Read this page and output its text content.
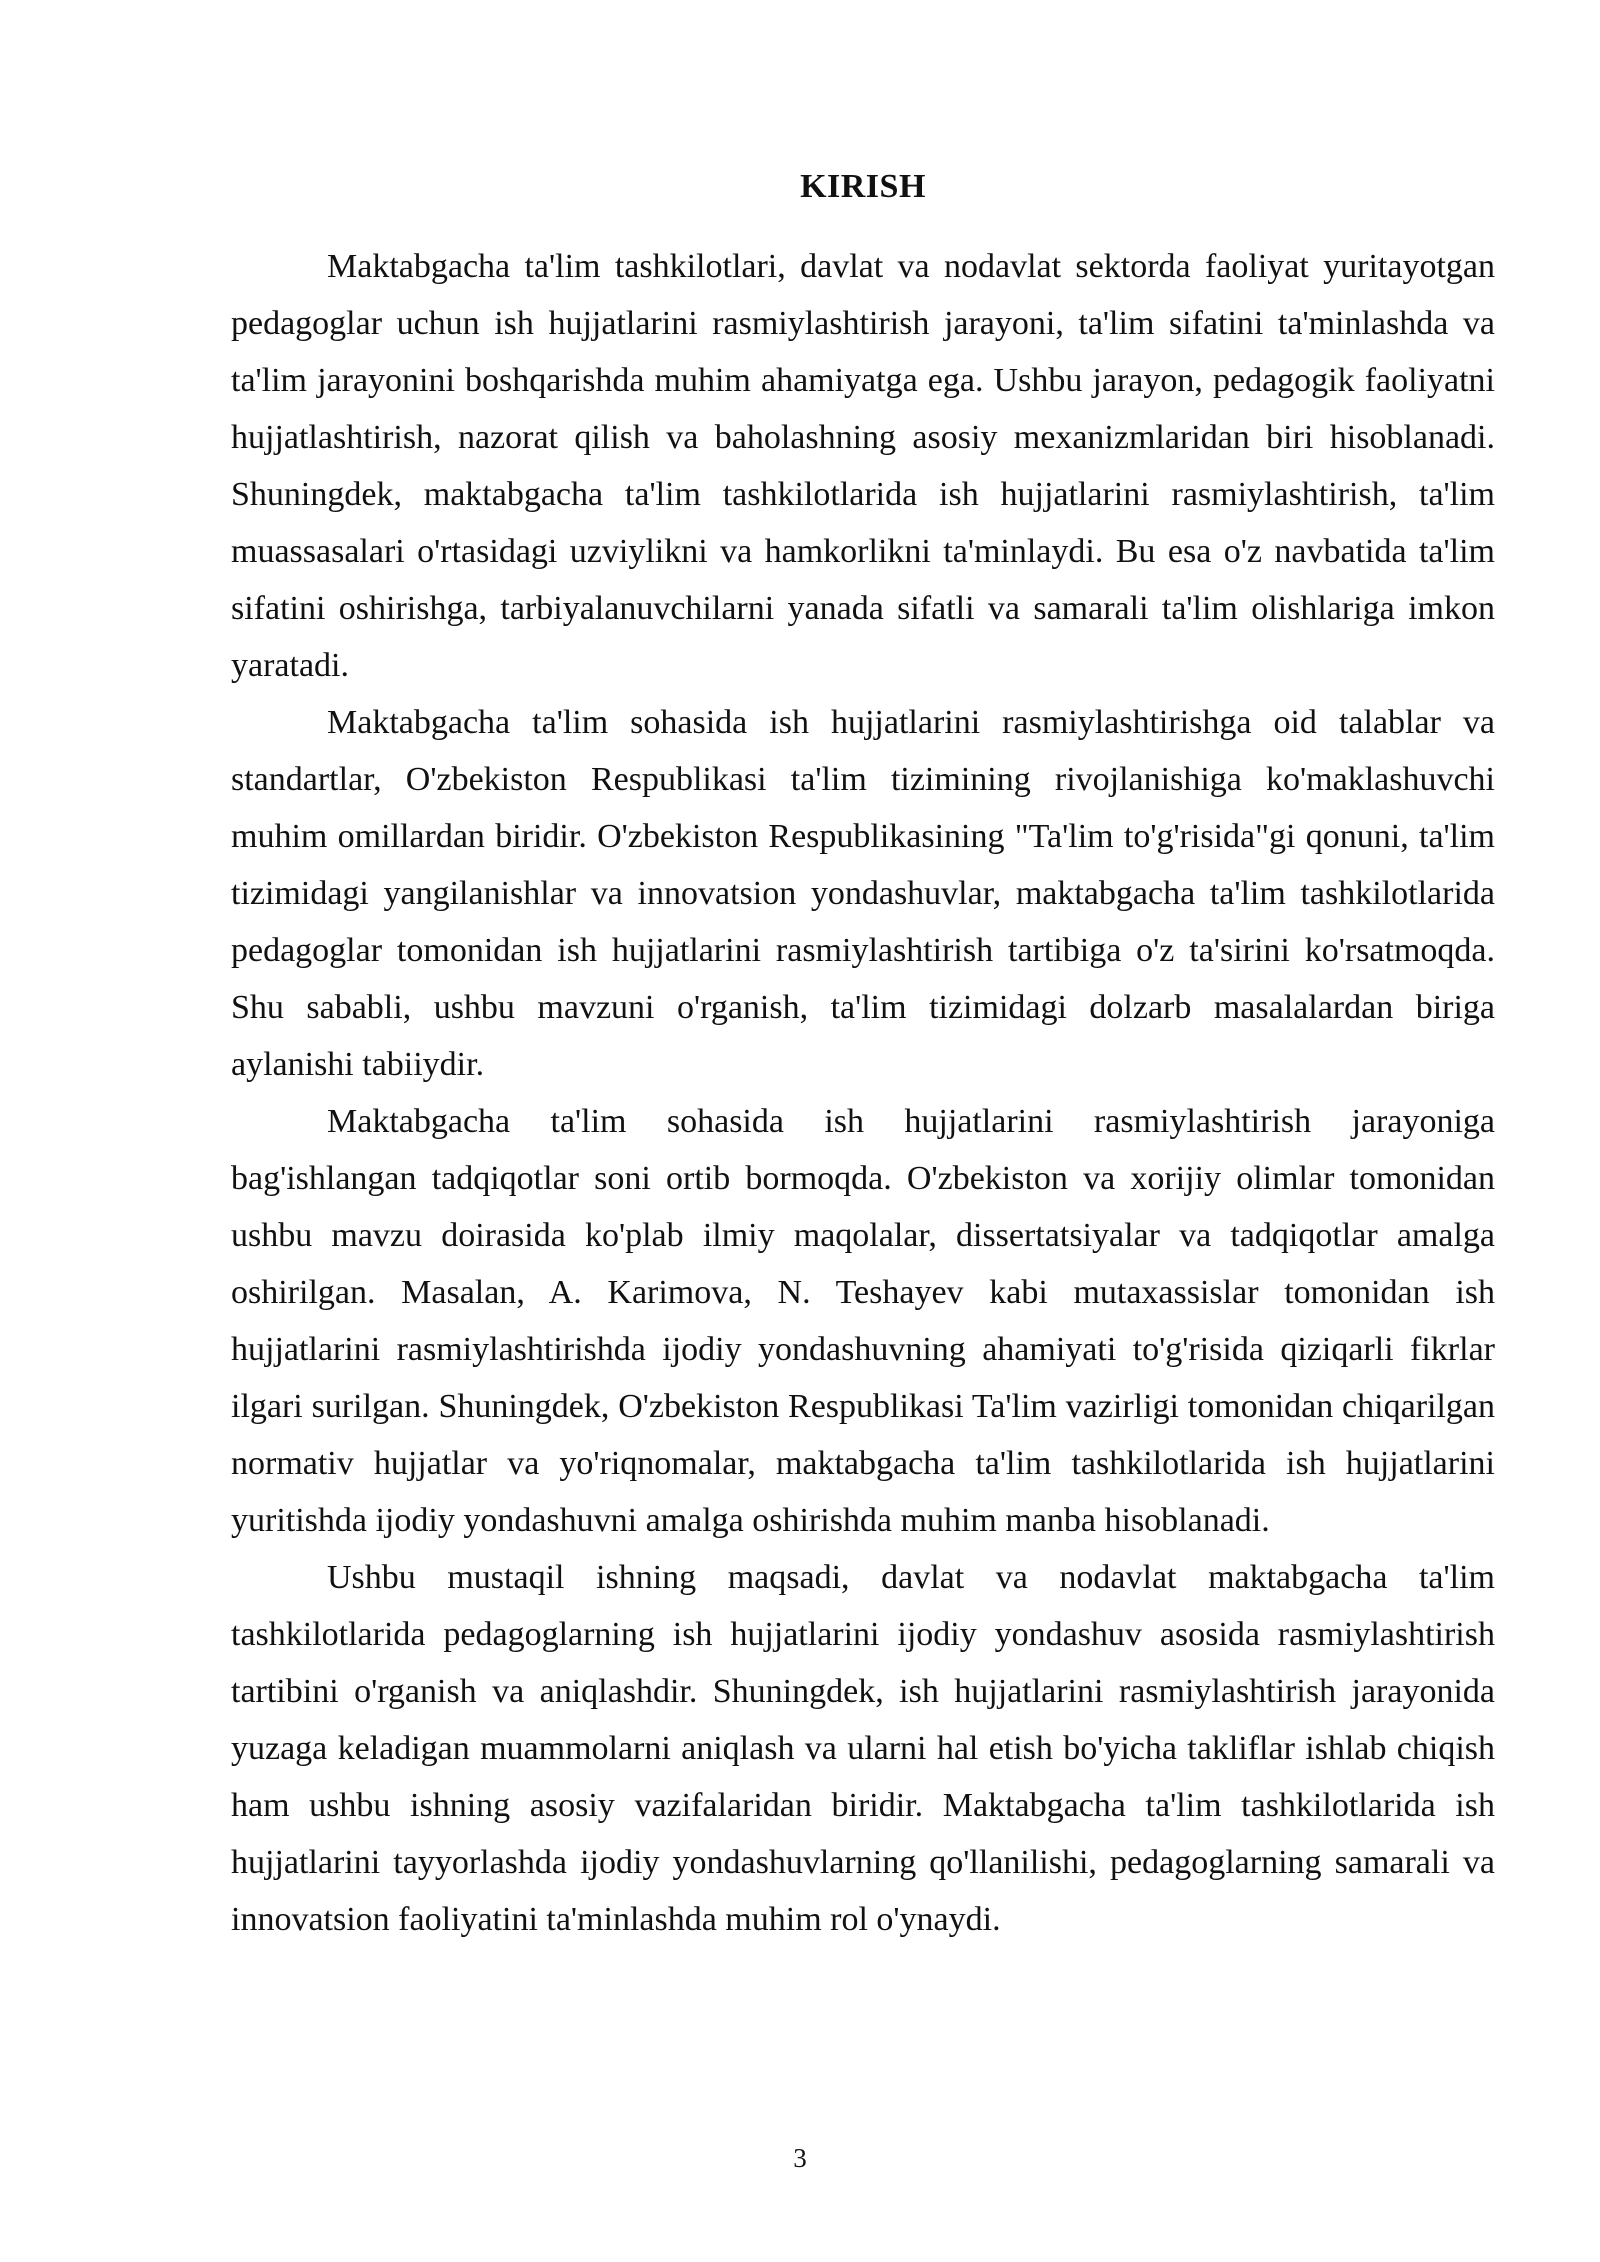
KIRISH

Maktabgacha ta'lim tashkilotlari, davlat va nodavlat sektorda faoliyat yuritayotgan pedagoglar uchun ish hujjatlarini rasmiylashtirish jarayoni, ta'lim sifatini ta'minlashda va ta'lim jarayonini boshqarishda muhim ahamiyatga ega. Ushbu jarayon, pedagogik faoliyatni hujjatlashtirish, nazorat qilish va baholashning asosiy mexanizmlaridan biri hisoblanadi. Shuningdek, maktabgacha ta'lim tashkilotlarida ish hujjatlarini rasmiylashtirish, ta'lim muassasalari o'rtasidagi uzviylikni va hamkorlikni ta'minlaydi. Bu esa o'z navbatida ta'lim sifatini oshirishga, tarbiyalanuvchilarni yanada sifatli va samarali ta'lim olishlariga imkon yaratadi.

Maktabgacha ta'lim sohasida ish hujjatlarini rasmiylashtirishga oid talablar va standartlar, O'zbekiston Respublikasi ta'lim tizimining rivojlanishiga ko'maklashuvchi muhim omillardan biridir. O'zbekiston Respublikasining "Ta'lim to'g'risida"gi qonuni, ta'lim tizimidagi yangilanishlar va innovatsion yondashuvlar, maktabgacha ta'lim tashkilotlarida pedagoglar tomonidan ish hujjatlarini rasmiylashtirish tartibiga o'z ta'sirini ko'rsatmoqda. Shu sababli, ushbu mavzuni o'rganish, ta'lim tizimidagi dolzarb masalalardan biriga aylanishi tabiiydir.

Maktabgacha ta'lim sohasida ish hujjatlarini rasmiylashtirish jarayoniga bag'ishlangan tadqiqotlar soni ortib bormoqda. O'zbekiston va xorijiy olimlar tomonidan ushbu mavzu doirasida ko'plab ilmiy maqolalar, dissertatsiyalar va tadqiqotlar amalga oshirilgan. Masalan, A. Karimova, N. Teshayev kabi mutaxassislar tomonidan ish hujjatlarini rasmiylashtirishda ijodiy yondashuvning ahamiyati to'g'risida qiziqarli fikrlar ilgari surilgan. Shuningdek, O'zbekiston Respublikasi Ta'lim vazirligi tomonidan chiqarilgan normativ hujjatlar va yo'riqnomalar, maktabgacha ta'lim tashkilotlarida ish hujjatlarini yuritishda ijodiy yondashuvni amalga oshirishda muhim manba hisoblanadi.

Ushbu mustaqil ishning maqsadi, davlat va nodavlat maktabgacha ta'lim tashkilotlarida pedagoglarning ish hujjatlarini ijodiy yondashuv asosida rasmiylashtirish tartibini o'rganish va aniqlashdir. Shuningdek, ish hujjatlarini rasmiylashtirish jarayonida yuzaga keladigan muammolarni aniqlash va ularni hal etish bo'yicha takliflar ishlab chiqish ham ushbu ishning asosiy vazifalaridan biridir. Maktabgacha ta'lim tashkilotlarida ish hujjatlarini tayyorlashda ijodiy yondashuvlarning qo'llanilishi, pedagoglarning samarali va innovatsion faoliyatini ta'minlashda muhim rol o'ynaydi.

3
